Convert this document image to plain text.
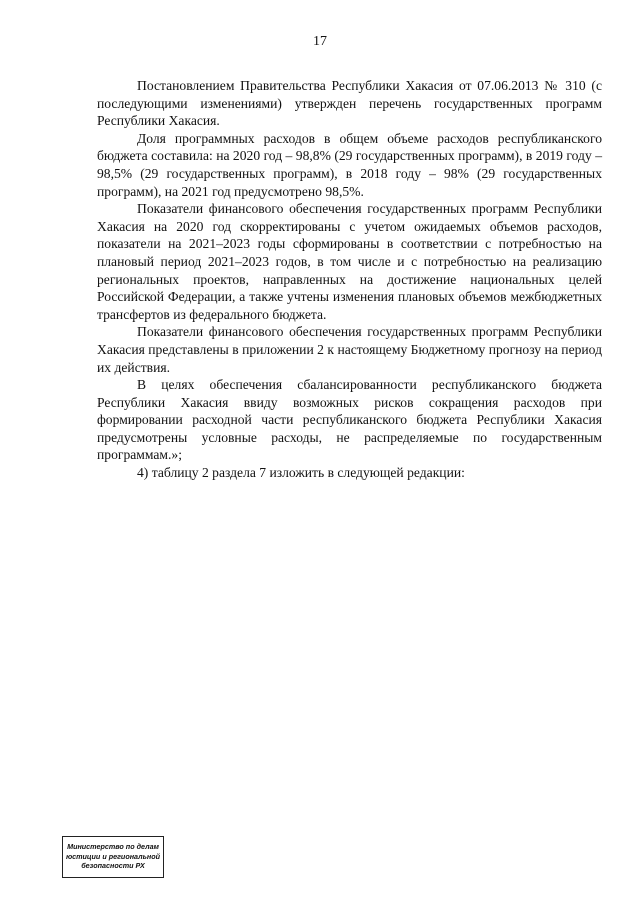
17

Постановлением Правительства Республики Хакасия от 07.06.2013 № 310 (с последующими изменениями) утвержден перечень государственных программ Республики Хакасия.

Доля программных расходов в общем объеме расходов республиканского бюджета составила: на 2020 год – 98,8% (29 государственных программ), в 2019 году – 98,5% (29 государственных программ), в 2018 году – 98% (29 государственных программ), на 2021 год предусмотрено 98,5%.

Показатели финансового обеспечения государственных программ Республики Хакасия на 2020 год скорректированы с учетом ожидаемых объемов расходов, показатели на 2021–2023 годы сформированы в соответствии с потребностью на плановый период 2021–2023 годов, в том числе и с потребностью на реализацию региональных проектов, направленных на достижение национальных целей Российской Федерации, а также учтены изменения плановых объемов межбюджетных трансфертов из федерального бюджета.

Показатели финансового обеспечения государственных программ Республики Хакасия представлены в приложении 2 к настоящему Бюджетному прогнозу на период их действия.

В целях обеспечения сбалансированности республиканского бюджета Республики Хакасия ввиду возможных рисков сокращения расходов при формировании расходной части республиканского бюджета Республики Хакасия предусмотрены условные расходы, не распределяемые по государственным программам.»;

4) таблицу 2 раздела 7 изложить в следующей редакции:

Министерство по делам
юстиции и региональной
безопасности РХ
